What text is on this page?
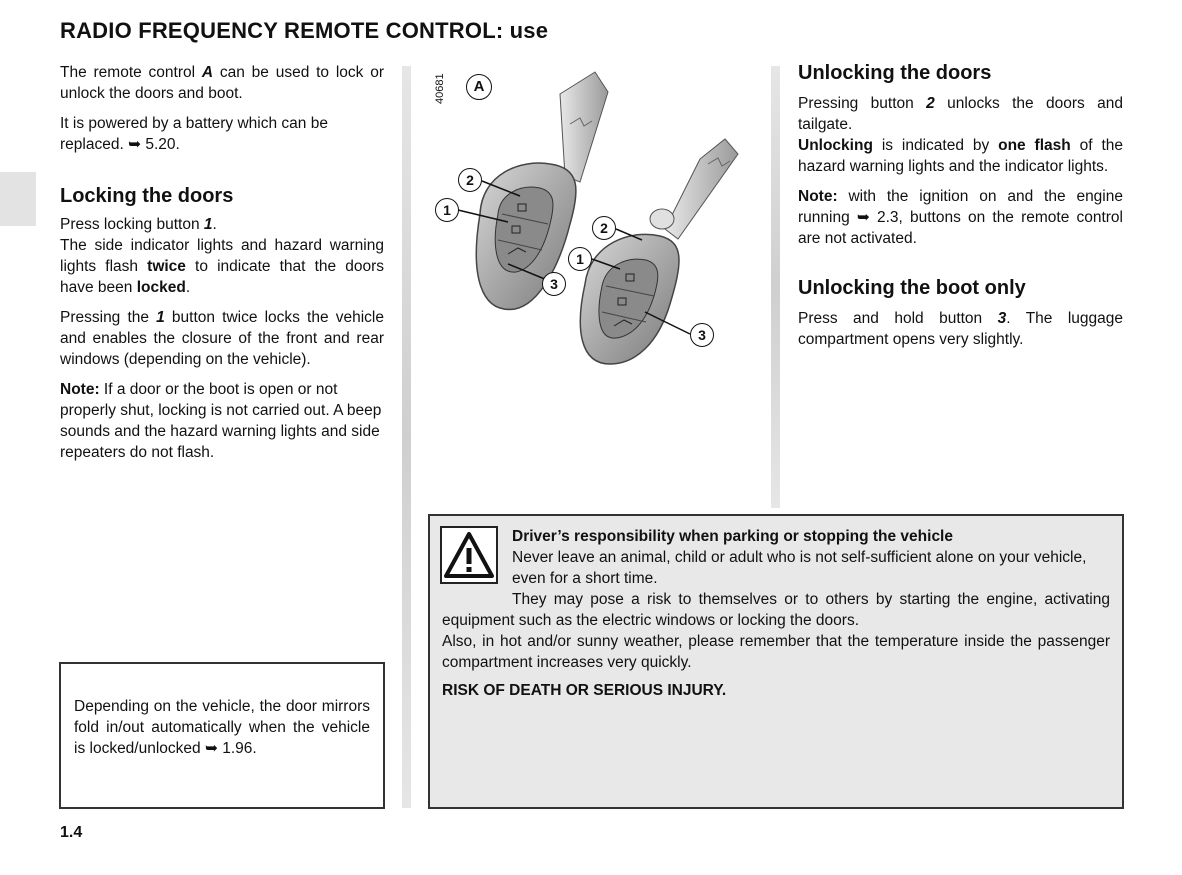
RADIO FREQUENCY REMOTE CONTROL: use

The remote control A can be used to lock or unlock the doors and boot.

It is powered by a battery which can be replaced. ➥ 5.20.

Locking the doors

Press locking button 1.

The side indicator lights and hazard warning lights flash twice to indicate that the doors have been locked.

Pressing the 1 button twice locks the vehicle and enables the closure of the front and rear windows (depending on the vehicle).

Note: If a door or the boot is open or not properly shut, locking is not carried out. A beep sounds and the hazard warning lights and side repeaters do not flash.

Depending on the vehicle, the door mirrors fold in/out automatically when the vehicle is locked/unlocked ➥ 1.96.

40681	A
2
1
3
2
1
3
Unlocking the doors

Pressing button 2 unlocks the doors and tailgate.

Unlocking is indicated by one flash of the hazard warning lights and the indicator lights.

Note: with the ignition on and the engine running ➥ 2.3, buttons on the remote control are not activated.

Unlocking the boot only

Press and hold button 3. The luggage compartment opens very slightly.

Driver’s responsibility when parking or stopping the vehicle
Never leave an animal, child or adult who is not self-sufficient alone on your vehicle, even for a short time.
They may pose a risk to themselves or to others by starting the engine, activating equipment such as the electric windows or locking the doors.
Also, in hot and/or sunny weather, please remember that the temperature inside the passenger compartment increases very quickly.
RISK OF DEATH OR SERIOUS INJURY.
1.4
